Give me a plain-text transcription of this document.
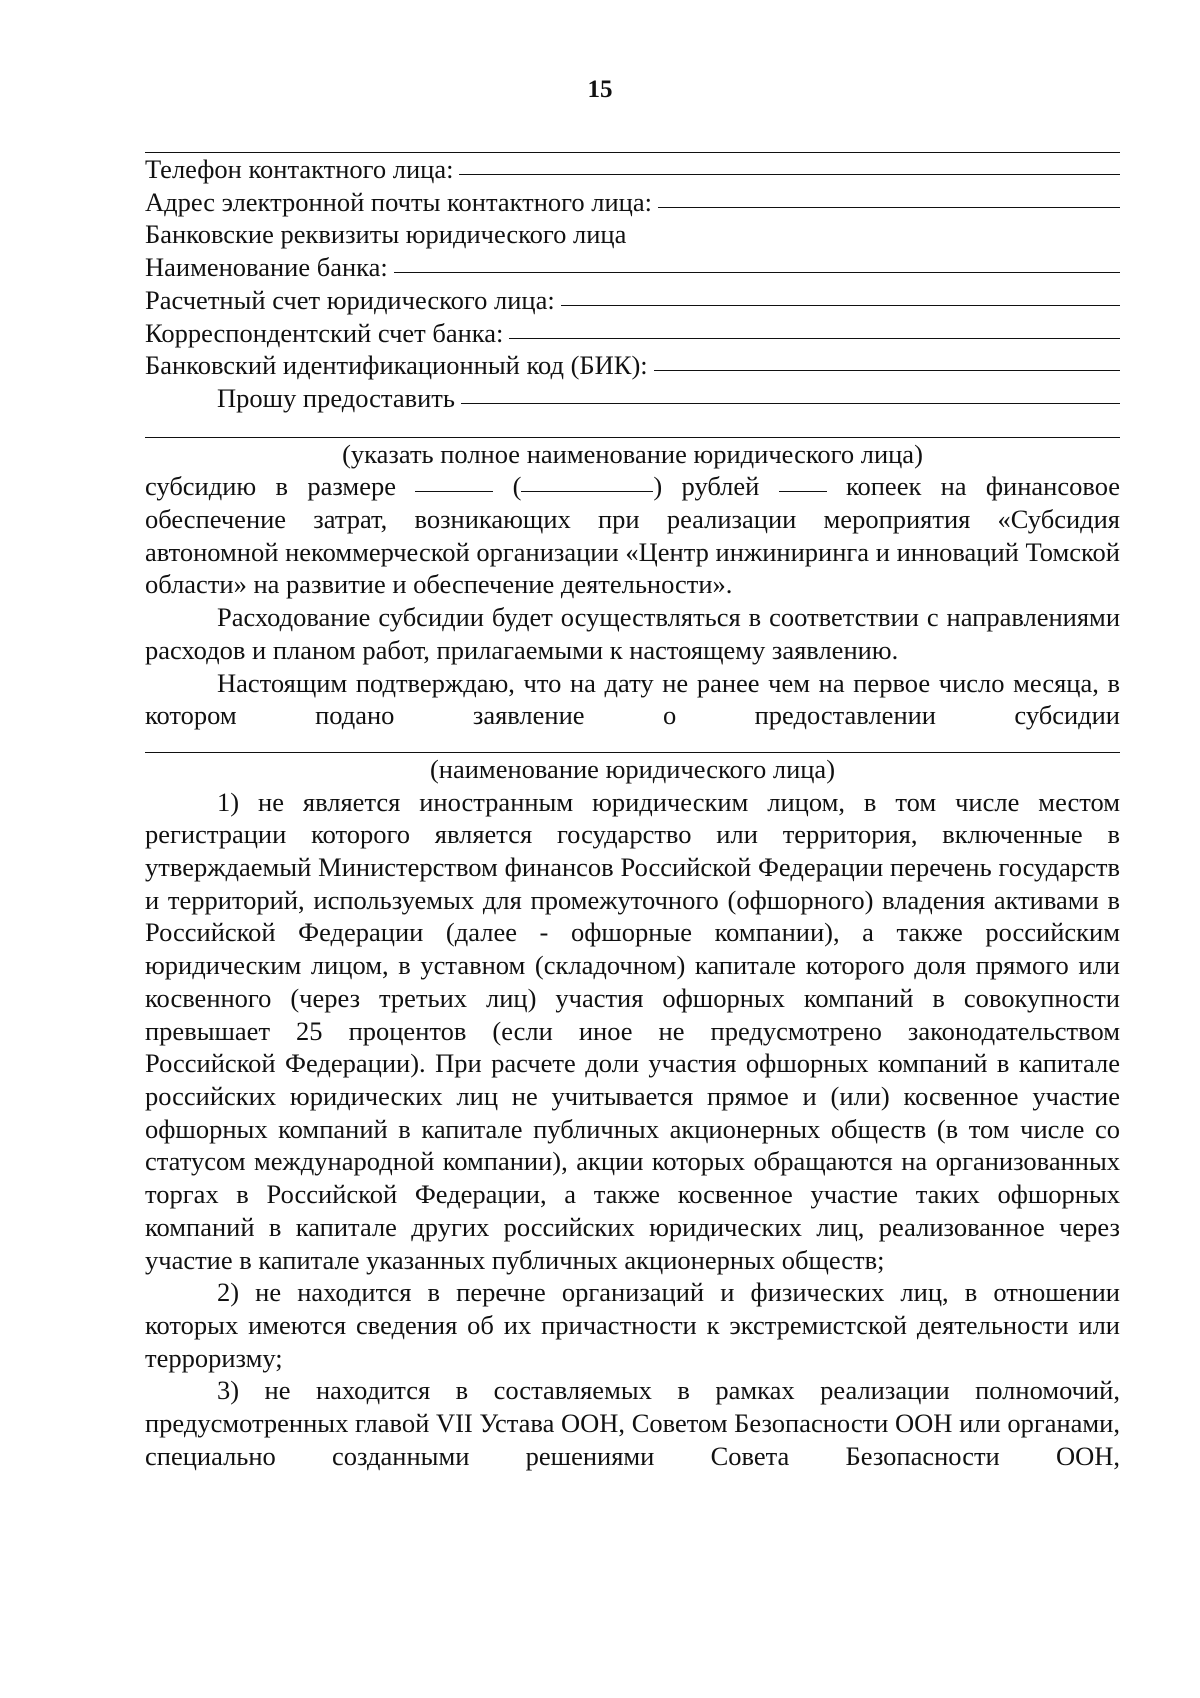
15
Телефон контактного лица:
Адрес электронной почты контактного лица:
Банковские реквизиты юридического лица
Наименование банка:
Расчетный счет юридического лица:
Корреспондентский счет банка:
Банковский идентификационный код (БИК):
Прошу предоставить
(указать полное наименование юридического лица)
субсидию в размере	(	) рублей	копеек на финансовое
обеспечение затрат, возникающих при реализации мероприятия «Субсидия автономной некоммерческой организации «Центр инжиниринга и инноваций Томской области» на развитие и обеспечение деятельности».
Расходование субсидии будет осуществляться в соответствии с направлениями расходов и планом работ, прилагаемыми к настоящему заявлению.
Настоящим подтверждаю, что на дату не ранее чем на первое число месяца, в котором подано заявление о предоставлении субсидии
(наименование юридического лица)
1) не является иностранным юридическим лицом, в том числе местом регистрации которого является государство или территория, включенные в утверждаемый Министерством финансов Российской Федерации перечень государств и территорий, используемых для промежуточного (офшорного) владения активами в Российской Федерации (далее - офшорные компании), а также российским юридическим лицом, в уставном (складочном) капитале которого доля прямого или косвенного (через третьих лиц) участия офшорных компаний в совокупности превышает 25 процентов (если иное не предусмотрено законодательством Российской Федерации). При расчете доли участия офшорных компаний в капитале российских юридических лиц не учитывается прямое и (или) косвенное участие офшорных компаний в капитале публичных акционерных обществ (в том числе со статусом международной компании), акции которых обращаются на организованных торгах в Российской Федерации, а также косвенное участие таких офшорных компаний в капитале других российских юридических лиц, реализованное через участие в капитале указанных публичных акционерных обществ;
2) не находится в перечне организаций и физических лиц, в отношении которых имеются сведения об их причастности к экстремистской деятельности или терроризму;
3) не находится в составляемых в рамках реализации полномочий, предусмотренных главой VII Устава ООН, Советом Безопасности ООН или органами, специально созданными решениями Совета Безопасности ООН,
